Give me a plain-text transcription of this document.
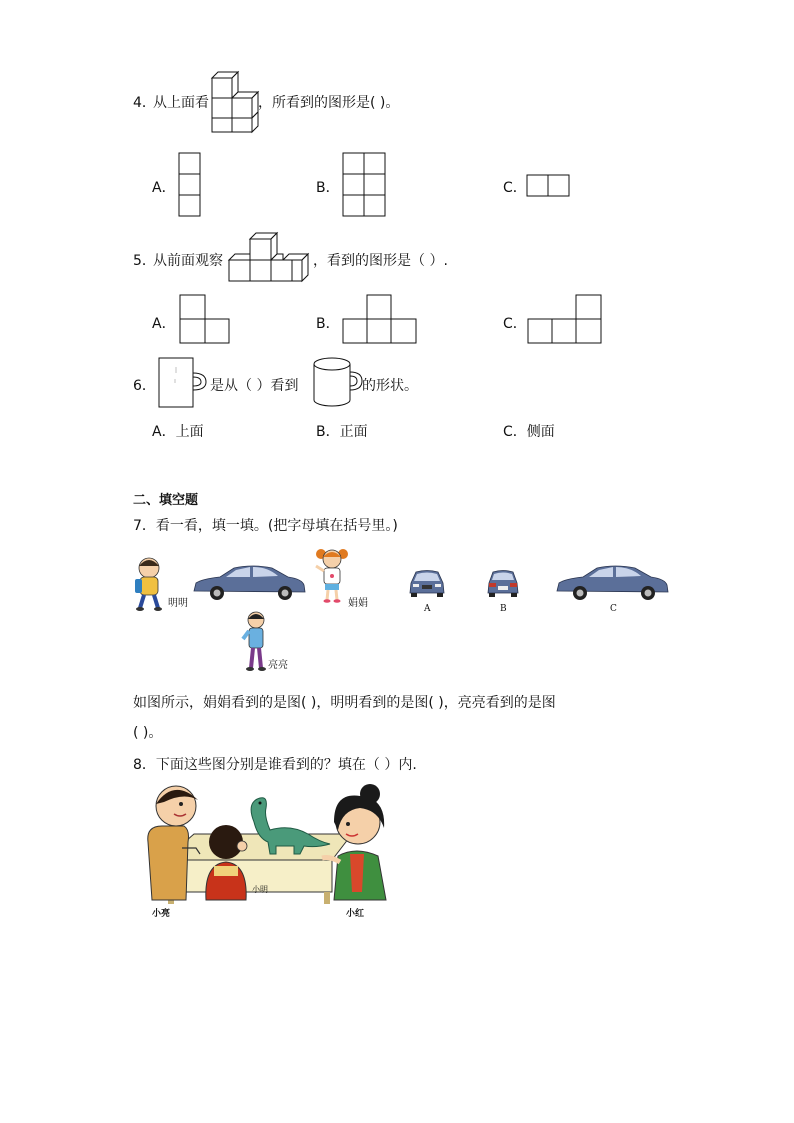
4．
从上面看	，所看到的图形是( )。
A．	B．	C．
5．
从前面观察	，看到的图形是（ ）.
A．	B．	C．
6．	是从（ ）看到	的形状。
A．上面	B．正面	C．侧面
二、填空题
7．看一看，填一填。(把字母填在括号里。)
明明	娟娟	A	B	C
亮亮
如图所示，娟娟看到的是图( )，明明看到的是图( )，亮亮看到的是图
( )。
8．下面这些图分别是谁看到的？填在（ ）内.
小明
小亮	小红
